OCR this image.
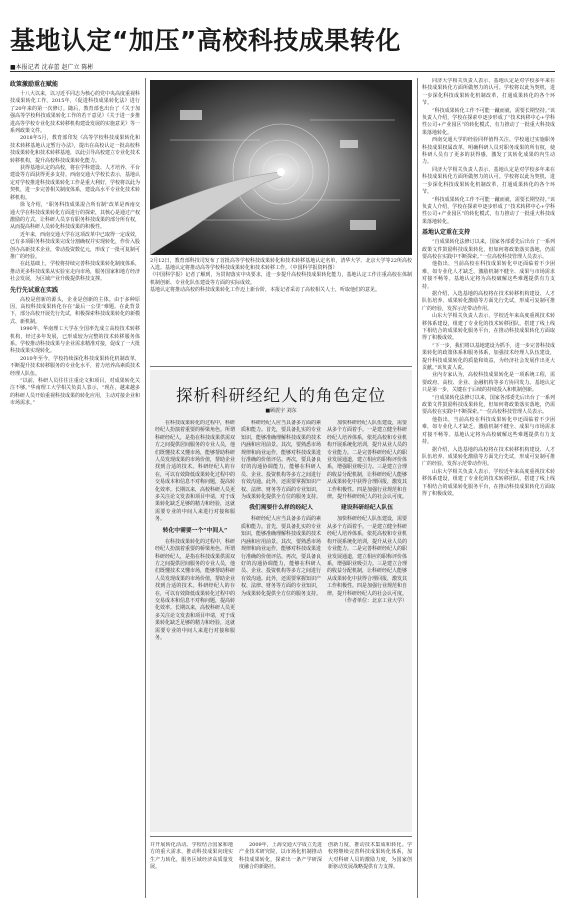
基地认定“加压”高校科技成果转化
■本报记者 沈春蕾 赵广立 陈彬
政策激励重在赋能

十八大以来，以习近平同志为核心的党中央高度重视科技成果转化工作。2015年，《促进科技成果转化法》进行了20年来的第一次修订。随后，教育部也出台了《关于加强高等学校科技成果转化工作的若干意见》《关于进一步推进高等学校专业化技术转移机构建设发展的实施意见》等一系列政策文件。

2018年5月，教育部印发《高等学校科技成果转化和技术转移基地认定暂行办法》，提出在高校认定一批高校科技成果转化和技术转移基地，以此引导高校建立专业化技术转移机构，提升高校科技成果转化能力。

获得基地认定的高校，将在学科建设、人才培养、平台建设等方面获得更多支持。西南交通大学校长表示，基地认定对学校推进科技成果转化工作是重大利好，学校将以此为契机，进一步完善相关制度体系，建设高水平专业化技术转移机构。

徐飞介绍，“职务科技成果混合所有制”改革是西南交通大学在科技成果转化方面进行的探索，其核心是通过产权激励的方式，让科研人员享有职务科技成果的部分所有权，从而提高科研人员转化科技成果的积极性。

近年来，西南交通大学在这项改革中已取得一定成效，已有多项职务科技成果完成分割确权并实现转化，作价入股创办高新技术企业，带动投资数亿元，形成了一批可复制可推广的经验。

在此基础上，学校将持续完善科技成果转化制度体系，推动更多科技成果从实验室走向市场，服务国家和地方经济社会发展，为区域产业升级提供科技支撑。

先行先试重在实践

高校是创新的源头，企业是创新的主体。由于多种原因，高校科技成果转化存在“最后一公里”难题。在此背景下，部分高校开展先行先试，积极探索科技成果转化的新模式、新机制。

1990年，华南理工大学在全国率先成立高校技术转移机构，经过多年发展，已形成较为完整的技术转移服务体系。学校推动科技成果与企业需求精准对接，促成了一大批科技成果实现转化。

2010年至今，学校持续深化科技成果转化机制改革，不断提升技术转移服务的专业化水平，着力培养高素质技术经理人队伍。

“以前，科研人员往往注重论文和项目，对成果转化关注不够。”华南理工大学相关负责人表示，“现在，越来越多的科研人员开始重视科技成果的转化应用，主动对接企业和市场需求。”

2月12日，教育部科技司发布了首批高等学校科技成果转化和技术转移基地认定名单，清华大学、北京大学等22所高校入选。基地认定将推动高等学校科技成果转化和技术转移工作。（中国科学报资料图）

《中国科学报》记者了解到，为贯彻落实中央要求，进一步提升高校科技成果转化能力，基地认定工作注重高校在体制机制创新、专业化队伍建设等方面的实际成效。

基地认定将推动高校的科技成果转化工作迈上新台阶，本报记者采访了高校相关人士，听取他们的意见。

探析科研经纪人的角色定位
■顾震宇 刘东

在科技成果转化的过程中，科研经纪人扮演着重要的桥梁角色。所谓科研经纪人，是指在科技成果供需双方之间提供居间服务的专业人员，他们既懂技术又懂市场，能够帮助科研人员发现成果的市场价值，帮助企业找到合适的技术。科研经纪人的存在，可以有效降低成果转化过程中的交易成本和信息不对称问题，提高转化效率。长期以来，高校科研人员更多关注论文发表和项目申请，对于成果转化缺乏足够的精力和经验，这就需要专业的中间人来进行对接和服务。

转化中需要一个“中间人”

在科技成果转化的过程中，科研经纪人扮演着重要的桥梁角色。所谓科研经纪人，是指在科技成果供需双方之间提供居间服务的专业人员，他们既懂技术又懂市场，能够帮助科研人员发现成果的市场价值，帮助企业找到合适的技术。科研经纪人的存在，可以有效降低成果转化过程中的交易成本和信息不对称问题，提高转化效率。长期以来，高校科研人员更多关注论文发表和项目申请，对于成果转化缺乏足够的精力和经验，这就需要专业的中间人来进行对接和服务。

科研经纪人应当具备多方面的素质和能力。首先，要具备扎实的专业知识，能够准确理解科技成果的技术内涵和应用前景。其次，要熟悉市场规律和商业运作，能够对科技成果进行准确的价值评估。再次，要具备良好的沟通协调能力，能够在科研人员、企业、投资机构等多方之间进行有效沟通。此外，还需要掌握知识产权、法律、财务等方面的专业知识，为成果转化提供全方位的服务支持。

我们需要什么样的经纪人

科研经纪人应当具备多方面的素质和能力。首先，要具备扎实的专业知识，能够准确理解科技成果的技术内涵和应用前景。其次，要熟悉市场规律和商业运作，能够对科技成果进行准确的价值评估。再次，要具备良好的沟通协调能力，能够在科研人员、企业、投资机构等多方之间进行有效沟通。此外，还需要掌握知识产权、法律、财务等方面的专业知识，为成果转化提供全方位的服务支持。

加快科研经纪人队伍建设，需要从多个方面着手。一是建立健全科研经纪人培养体系，依托高校和专业机构开展系统化培训，提升从业人员的专业能力。二是完善科研经纪人的职业发展通道，建立相应的职称评价体系，增强职业吸引力。三是建立合理的收益分配机制，让科研经纪人能够从成果转化中获得合理回报，激发其工作积极性。四是加强行业规范和自律，提升科研经纪人的社会认可度。

建设科研经纪人队伍

加快科研经纪人队伍建设，需要从多个方面着手。一是建立健全科研经纪人培养体系，依托高校和专业机构开展系统化培训，提升从业人员的专业能力。二是完善科研经纪人的职业发展通道，建立相应的职称评价体系，增强职业吸引力。三是建立合理的收益分配机制，让科研经纪人能够从成果转化中获得合理回报，激发其工作积极性。四是加强行业规范和自律，提升科研经纪人的社会认可度。

（作者单位：北京工业大学）

同济大学相关负责人表示，基地认定是对学校多年来在科技成果转化方面所做努力的认可。学校将以此为契机，进一步深化科技成果转化机制改革，打通成果转化的各个环节。

“科技成果转化工作不可能一蹴而就，需要长期坚持。”该负责人介绍，学校在探索中逐步形成了“技术转移中心+学科性公司+产业园区”的转化模式，有力推动了一批重大科技成果落地转化。

西南交通大学的经验同样值得关注。学校通过实施职务科技成果权属改革，明确科研人员对职务成果的所有权，使科研人员有了更多的获得感，激发了其转化成果的内生动力。

同济大学相关负责人表示，基地认定是对学校多年来在科技成果转化方面所做努力的认可。学校将以此为契机，进一步深化科技成果转化机制改革，打通成果转化的各个环节。

“科技成果转化工作不可能一蹴而就，需要长期坚持。”该负责人介绍，学校在探索中逐步形成了“技术转移中心+学科性公司+产业园区”的转化模式，有力推动了一批重大科技成果落地转化。

基地认定重在支持

“自成果转化法修订以来，国家各部委先后出台了一系列政策文件鼓励科技成果转化，但如何将政策落实落地，仍需要高校在实践中不断探索。”一位高校科技管理人员表示。

他指出，当前高校在科技成果转化中还面临着不少困难，如专业化人才缺乏、激励机制不健全、成果与市场需求对接不畅等。基地认定将为高校破解这些难题提供有力支持。

据介绍，入选基地的高校将在技术转移机构建设、人才队伍培养、成果转化激励等方面先行先试，形成可复制可推广的经验，发挥示范带动作用。

山东大学相关负责人表示，学校近年来高度重视技术转移体系建设，组建了专业化的技术转移团队，搭建了线上线下相结合的成果转化服务平台，在推动科技成果转化方面取得了积极成效。

“下一步，我们将以基地建设为抓手，进一步完善科技成果转化的政策体系和服务体系，加强技术经理人队伍建设，提升科技成果转化的质量和效益，为经济社会发展作出更大贡献。”该负责人说。

业内专家认为，高校科技成果转化是一项系统工程，需要政府、高校、企业、金融机构等多方协同发力。基地认定只是第一步，关键在于后续的持续投入和机制创新。

“自成果转化法修订以来，国家各部委先后出台了一系列政策文件鼓励科技成果转化，但如何将政策落实落地，仍需要高校在实践中不断探索。”一位高校科技管理人员表示。

他指出，当前高校在科技成果转化中还面临着不少困难，如专业化人才缺乏、激励机制不健全、成果与市场需求对接不畅等。基地认定将为高校破解这些难题提供有力支持。

据介绍，入选基地的高校将在技术转移机构建设、人才队伍培养、成果转化激励等方面先行先试，形成可复制可推广的经验，发挥示范带动作用。

山东大学相关负责人表示，学校近年来高度重视技术转移体系建设，组建了专业化的技术转移团队，搭建了线上线下相结合的成果转化服务平台，在推动科技成果转化方面取得了积极成效。

并开展转化活动。学校结合国家和地方的重大需求，推动科技成果向现实生产力转化，服务区域经济高质量发展。

2009年，上海交通大学成立先进产业技术研究院，以市场化机制推动科技成果转化，探索出一条产学研深度融合的新路径。

创新力度，推动技术集成和转化。学校将继续完善科技成果转化体系，加大对科研人员的激励力度，为国家创新驱动发展战略提供有力支撑。
